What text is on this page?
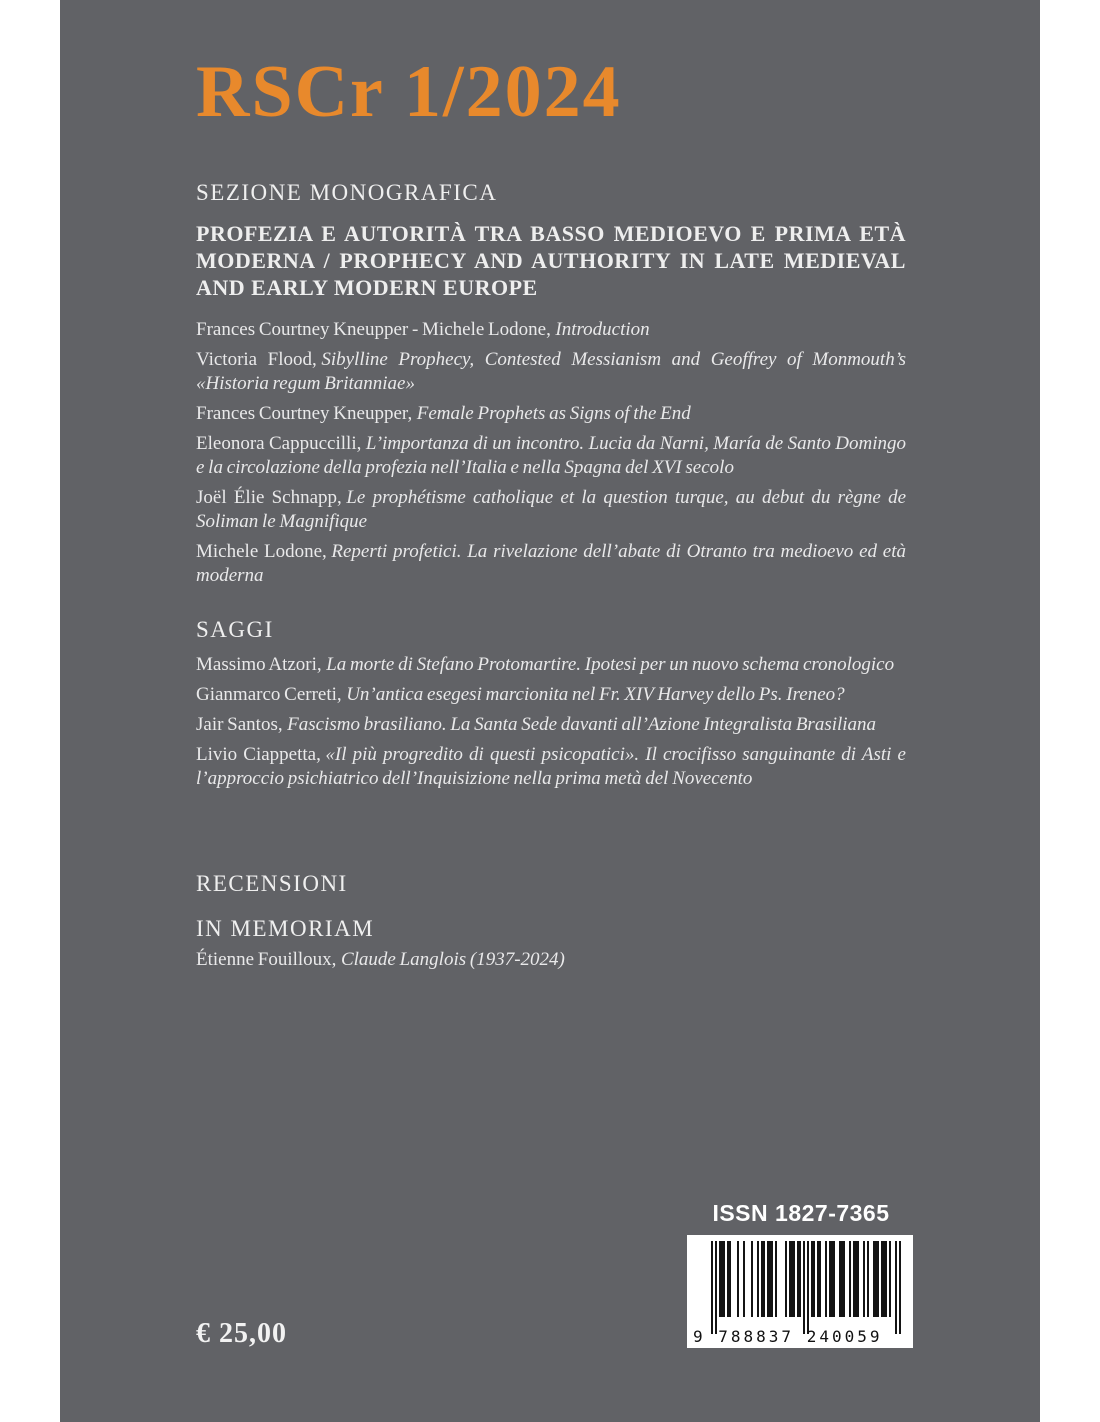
RSCr 1/2024
SEZIONE MONOGRAFICA
PROFEZIA E AUTORITÀ TRA BASSO MEDIOEVO E PRIMA ETÀ MODERNA / PROPHECY AND AUTHORITY IN LATE MEDIEVAL AND EARLY MODERN EUROPE

Frances Courtney Kneupper - Michele Lodone, Introduction

Victoria Flood, Sibylline Prophecy, Contested Messianism and Geoffrey of Monmouth’s «Historia regum Britanniae»

Frances Courtney Kneupper, Female Prophets as Signs of the End

Eleonora Cappuccilli, L’importanza di un incontro. Lucia da Narni, María de Santo Domingo e la circolazione della profezia nell’Italia e nella Spagna del XVI secolo

Joël Élie Schnapp, Le prophétisme catholique et la question turque, au debut du règne de Soliman le Magnifique

Michele Lodone, Reperti profetici. La rivelazione dell’abate di Otranto tra medioevo ed età moderna

SAGGI

Massimo Atzori, La morte di Stefano Protomartire. Ipotesi per un nuovo schema cronologico

Gianmarco Cerreti, Un’antica esegesi marcionita nel Fr. XIV Harvey dello Ps. Ireneo?

Jair Santos, Fascismo brasiliano. La Santa Sede davanti all’Azione Integralista Brasiliana

Livio Ciappetta, «Il più progredito di questi psicopatici». Il crocifisso sanguinante di Asti e l’approccio psichiatrico dell’Inquisizione nella prima metà del Novecento

RECENSIONI
IN MEMORIAM

Étienne Fouilloux, Claude Langlois (1937-2024)

ISSN 1827-7365

9 788837 240059

€ 25,00
